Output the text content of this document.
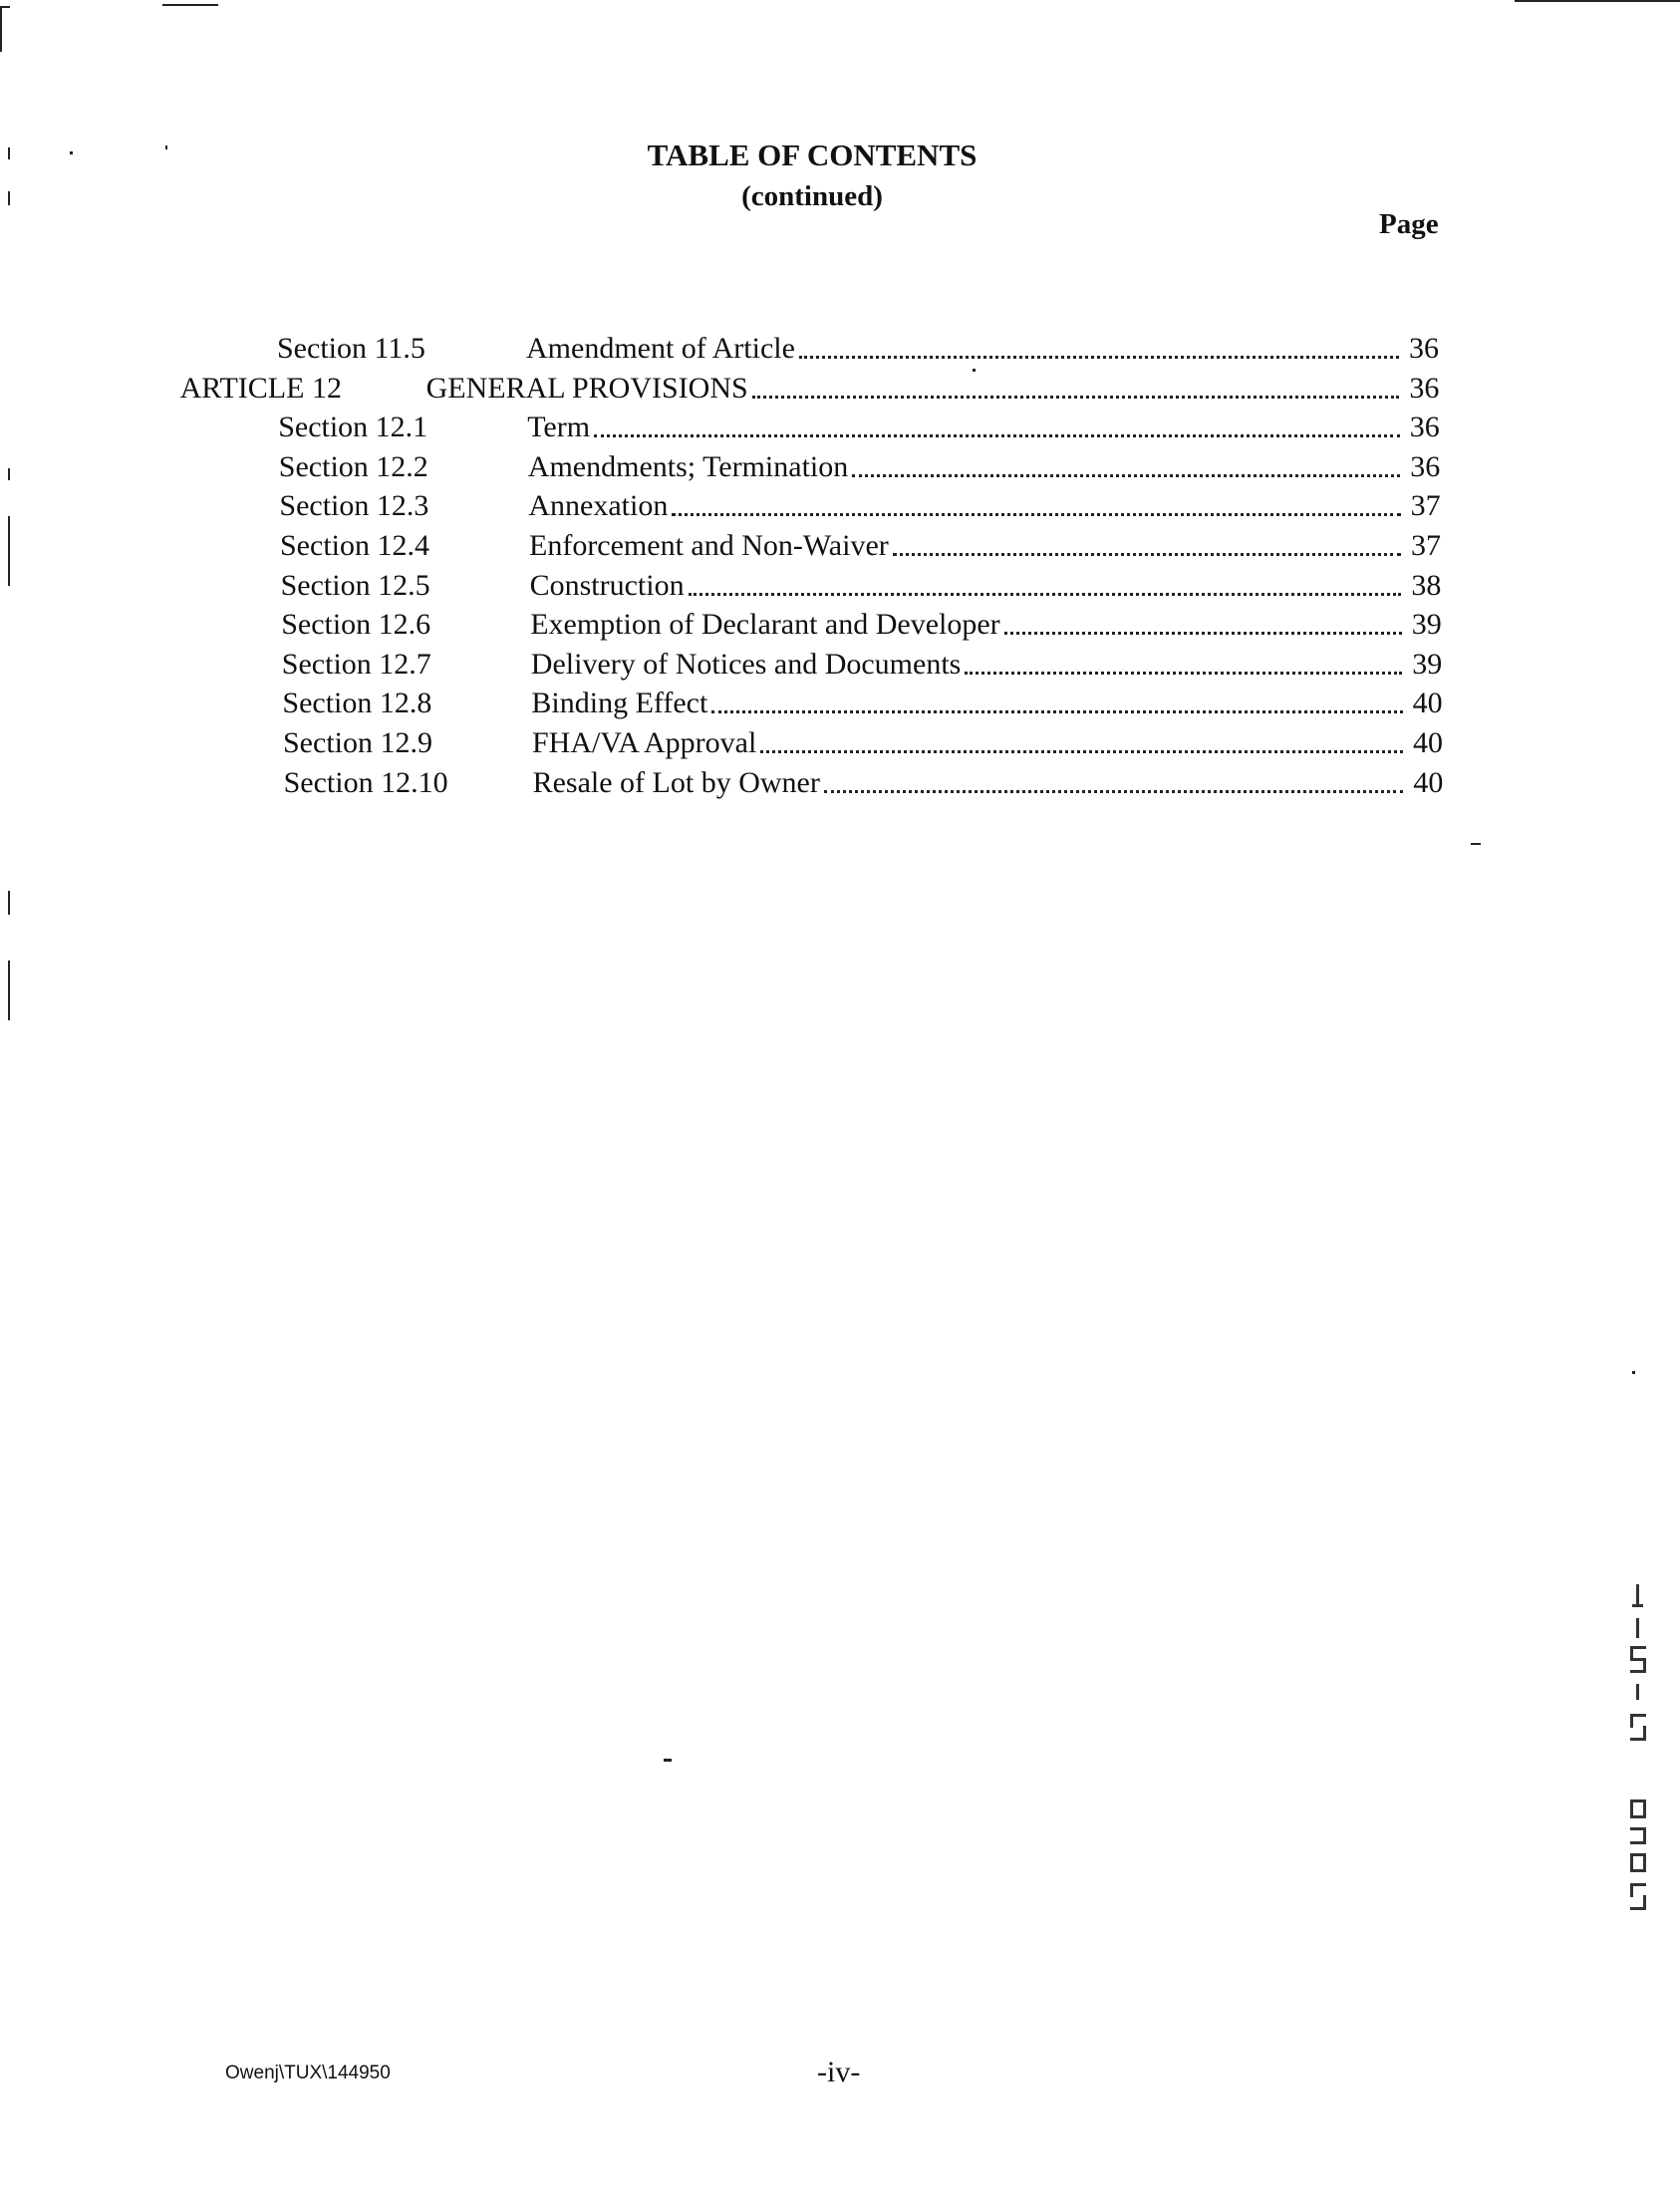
TABLE OF CONTENTS
(continued)
Page
Section 11.5	Amendment of Article	36
ARTICLE 12	GENERAL PROVISIONS	36
Section 12.1	Term	36
Section 12.2	Amendments; Termination	36
Section 12.3	Annexation	37
Section 12.4	Enforcement and Non-Waiver	37
Section 12.5	Construction	38
Section 12.6	Exemption of Declarant and Developer	39
Section 12.7	Delivery of Notices and Documents	39
Section 12.8	Binding Effect	40
Section 12.9	FHA/VA Approval	40
Section 12.10	Resale of Lot by Owner	40
Owenj\TUX\144950	-iv-
